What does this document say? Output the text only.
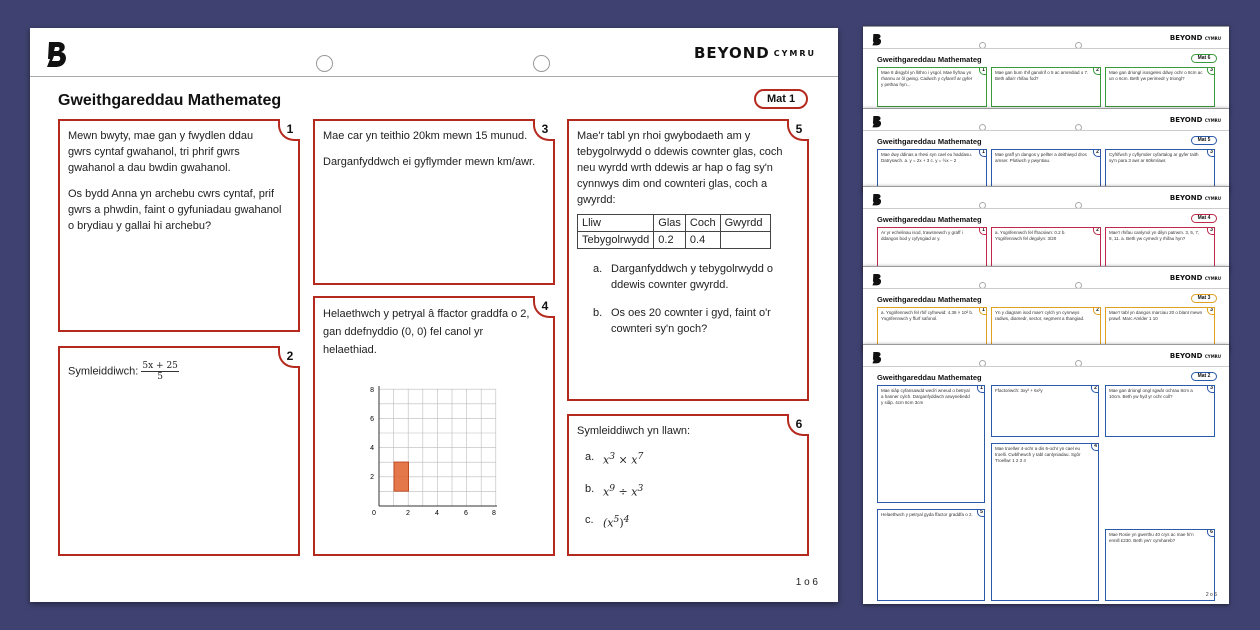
BEYOND CYMRU
Gweithgareddau Mathemateg	Mat 1
1

Mewn bwyty, mae gan y fwydlen ddau gwrs cyntaf gwahanol, tri phrif gwrs gwahanol a dau bwdin gwahanol.

Os bydd Anna yn archebu cwrs cyntaf, prif gwrs a phwdin, faint o gyfuniadau gwahanol o brydiau y gallai hi archebu?

2
Symleiddiwch: $\frac{5x + 25}{5}$
3

Mae car yn teithio 20km mewn 15 munud.

Darganfyddwch ei gyflymder mewn km/awr.

4

Helaethwch y petryal â ffactor graddfa o 2, gan ddefnyddio (0, 0) fel canol yr helaethiad.

8
6
4
2
0	2	4	6	8
5
Mae'r tabl yn rhoi gwybodaeth am y tebygolrwydd o ddewis cownter glas, coch neu wyrdd wrth ddewis ar hap o fag sy'n cynnwys dim ond cownteri glas, coch a gwyrdd:
Lliw	Glas	Coch	Gwyrdd
Tebygolrwydd	0.2	0.4	
a. Darganfyddwch y tebygolrwydd o ddewis cownter gwyrdd.
b. Os oes 20 cownter i gyd, faint o'r cownteri sy'n goch?
6
Symleiddiwch yn llawn:
a. $x^3 \times x^7$
b. $x^9 \div x^3$
c. $(x^5)^4$
1 o 6
BEYOND CYMRU
Gweithgareddau Mathemateg	Mat 6
1
Mae 8 disgybl yn llithro i ysgol. Mae llyfrau yn rhannu ar ôl gwisg. Cadwch y cyfanrif ar gyfer y pethau hyn...
2
Mae gan bum rhif ganolrif o 5 ac amrediad o 7. Beth allai'r rhifau fod?
3
Mae gan driongl isosgeles ddwy ochr o 8cm ac un o 6cm. Beth yw perimedr y triongl?
BEYOND CYMRU
Gweithgareddau Mathemateg	Mat 5
1
Mae dwy ddinas a rhesi syn cael eu haddasu. Datryswch. a. y = 2x + 3 c. y = ½x − 2
2
Mae graff yn dangos y pellter a deithiwyd dros amser. Plotiwch y pwyntiau.
3
Cyfrifwch y cyflymder cyfartalog ar gyfer taith sy'n para 3 awr ar 60km/awr.
BEYOND CYMRU
Gweithgareddau Mathemateg	Mat 4
1
Ar yr echelinau isod, trawsnewch y graff i ddangos bod y cyfyngiad ar y.
2
a. Ysgrifennwch fel ffracsiwn: 0.2 b. Ysgrifennwch fel degolyn: 3/20
3
Mae'r rhifau canlynol yn dilyn patrwm. 3, 5, 7, 9, 11. a. Beth yw cymedr y rhifau hyn?
BEYOND CYMRU
Gweithgareddau Mathemateg	Mat 3
1
a. Ysgrifennwch fel rhif cyfnewid: 4.36 × 10² b. Ysgrifennwch y ffurf safonol.
2
Yn y diagram isod mae'r cylch yn cynnwys radiws, diamedr, sector, segment a thangiad.
3
Mae'r tabl yn dangos marciau 20 o blant mewn prawf. Marc Amlder 1 10
BEYOND CYMRU
Gweithgareddau Mathemateg	Mat 2
1
Mae siâp cyfansawdd wedi'i wneud o betryal a hanner cylch. Darganfyddwch arwynebedd y siâp. 4cm 6cm 3cm
2
Ffactoriwch: 3xy² + 6x²y	3
Mae gan driongl ongl sgwâr ochrau 8cm a 10cm. Beth yw hyd yr ochr coll?
4
Mae troellwr 4-ochr a dis 6-ochr yn cael eu troelli. Cwblhewch y tabl canlyniadau. Sgôr Troellwr 1 2 3 4
5
Helaethwch y petryal gyda ffactor graddfa o 2.
6
Mae Rosie yn gwerthu 40 crys ac mae hi'n ennill £230. Beth yw'r cymhareb?
2 o 6
